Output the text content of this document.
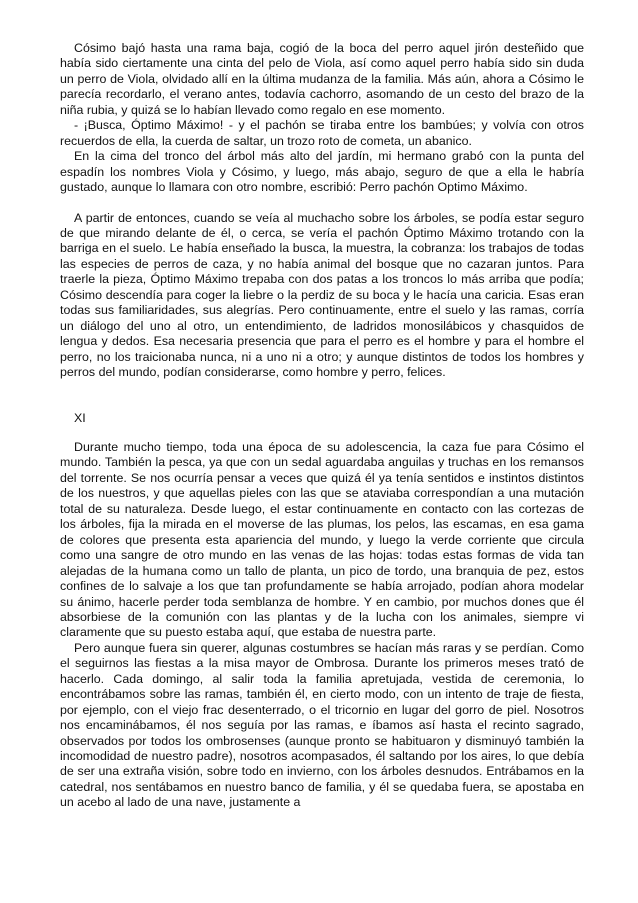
Cósimo bajó hasta una rama baja, cogió de la boca del perro aquel jirón desteñido que había sido ciertamente una cinta del pelo de Viola, así como aquel perro había sido sin duda un perro de Viola, olvidado allí en la última mudanza de la familia. Más aún, ahora a Cósimo le parecía recordarlo, el verano antes, todavía cachorro, asomando de un cesto del brazo de la niña rubia, y quizá se lo habían llevado como regalo en ese momento.

- ¡Busca, Óptimo Máximo! - y el pachón se tiraba entre los bambúes; y volvía con otros recuerdos de ella, la cuerda de saltar, un trozo roto de cometa, un abanico.

En la cima del tronco del árbol más alto del jardín, mi hermano grabó con la punta del espadín los nombres Viola y Cósimo, y luego, más abajo, seguro de que a ella le habría gustado, aunque lo llamara con otro nombre, escribió: Perro pachón Optimo Máximo.

A partir de entonces, cuando se veía al muchacho sobre los árboles, se podía estar seguro de que mirando delante de él, o cerca, se vería el pachón Óptimo Máximo trotando con la barriga en el suelo. Le había enseñado la busca, la muestra, la cobranza: los trabajos de todas las especies de perros de caza, y no había animal del bosque que no cazaran juntos. Para traerle la pieza, Óptimo Máximo trepaba con dos patas a los troncos lo más arriba que podía; Cósimo descendía para coger la liebre o la perdiz de su boca y le hacía una caricia. Esas eran todas sus familiaridades, sus alegrías. Pero continuamente, entre el suelo y las ramas, corría un diálogo del uno al otro, un entendimiento, de ladridos monosilábicos y chasquidos de lengua y dedos. Esa necesaria presencia que para el perro es el hombre y para el hombre el perro, no los traicionaba nunca, ni a uno ni a otro; y aunque distintos de todos los hombres y perros del mundo, podían considerarse, como hombre y perro, felices.

XI

Durante mucho tiempo, toda una época de su adolescencia, la caza fue para Cósimo el mundo. También la pesca, ya que con un sedal aguardaba anguilas y truchas en los remansos del torrente. Se nos ocurría pensar a veces que quizá él ya tenía sentidos e instintos distintos de los nuestros, y que aquellas pieles con las que se ataviaba correspondían a una mutación total de su naturaleza. Desde luego, el estar continuamente en contacto con las cortezas de los árboles, fija la mirada en el moverse de las plumas, los pelos, las escamas, en esa gama de colores que presenta esta apariencia del mundo, y luego la verde corriente que circula como una sangre de otro mundo en las venas de las hojas: todas estas formas de vida tan alejadas de la humana como un tallo de planta, un pico de tordo, una branquia de pez, estos confines de lo salvaje a los que tan profundamente se había arrojado, podían ahora modelar su ánimo, hacerle perder toda semblanza de hombre. Y en cambio, por muchos dones que él absorbiese de la comunión con las plantas y de la lucha con los animales, siempre vi claramente que su puesto estaba aquí, que estaba de nuestra parte.

Pero aunque fuera sin querer, algunas costumbres se hacían más raras y se perdían. Como el seguirnos las fiestas a la misa mayor de Ombrosa. Durante los primeros meses trató de hacerlo. Cada domingo, al salir toda la familia apretujada, vestida de ceremonia, lo encontrábamos sobre las ramas, también él, en cierto modo, con un intento de traje de fiesta, por ejemplo, con el viejo frac desenterrado, o el tricornio en lugar del gorro de piel. Nosotros nos encaminábamos, él nos seguía por las ramas, e íbamos así hasta el recinto sagrado, observados por todos los ombrosenses (aunque pronto se habituaron y disminuyó también la incomodidad de nuestro padre), nosotros acompasados, él saltando por los aires, lo que debía de ser una extraña visión, sobre todo en invierno, con los árboles desnudos. Entrábamos en la catedral, nos sentábamos en nuestro banco de familia, y él se quedaba fuera, se apostaba en un acebo al lado de una nave, justamente a
